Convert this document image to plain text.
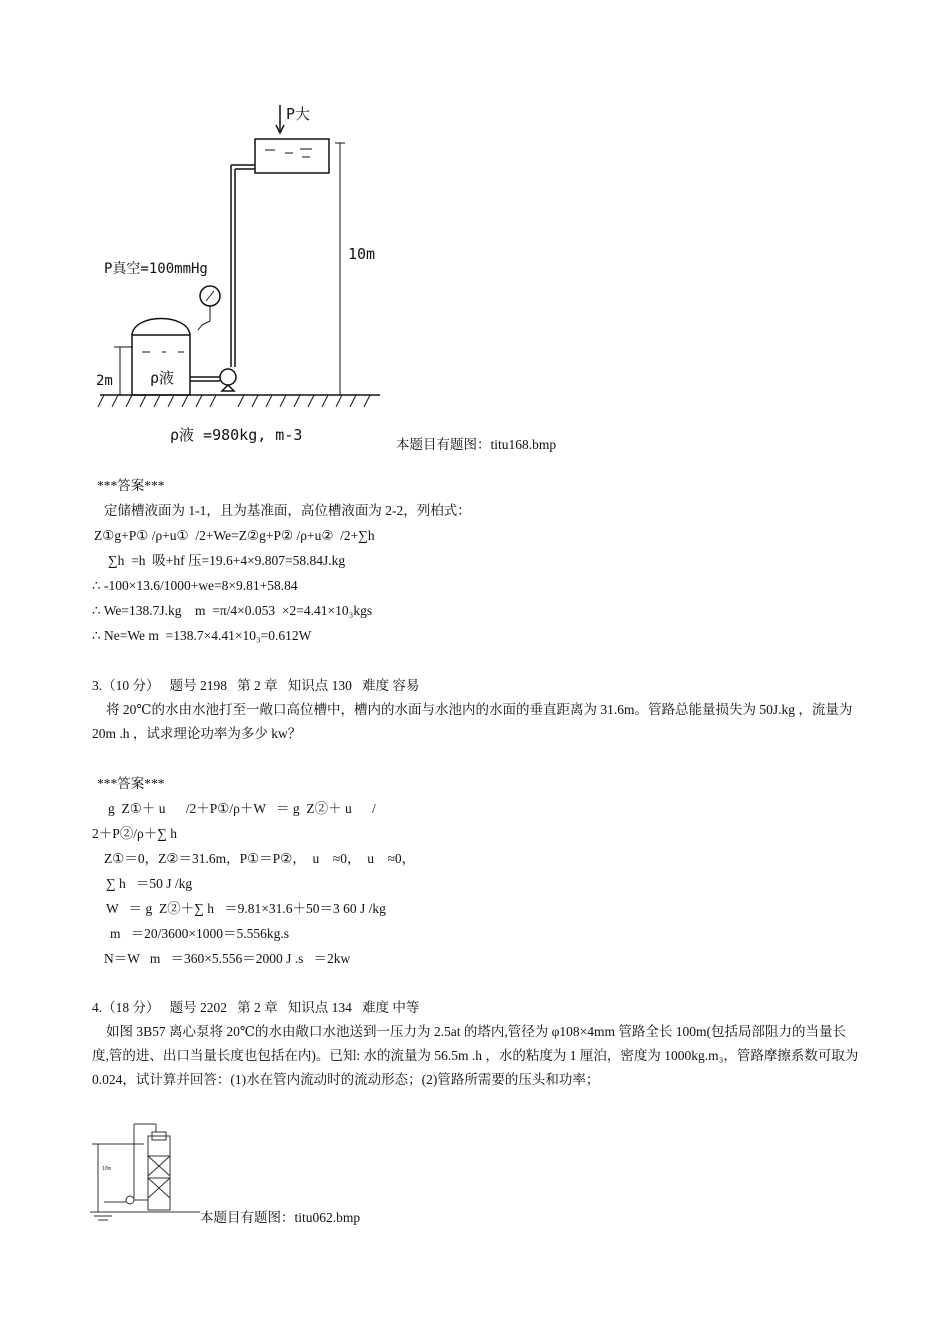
P大
10m
P真空=100mmHg
2m ρ液
ρ液 =980kg, m-3
本题目有题图：titu168.bmp
***答案***
定储槽液面为 1-1，且为基准面，高位槽液面为 2-2，列柏式：
Z①g+P① /ρ+u①  /2+We=Z②g+P② /ρ+u②  /2+∑h
∑h  =h  吸+hf 压=19.6+4×9.807=58.84J.kg
∴ -100×13.6/1000+we=8×9.81+58.84
∴ We=138.7J.kg    m  =π/4×0.053  ×2=4.41×10₃kgs
∴ Ne=We m  =138.7×4.41×10₃=0.612W
3.（10 分）   题号 2198   第 2 章   知识点 130   难度 容易
将 20℃的水由水池打至一敞口高位槽中，槽内的水面与水池内的水面的垂直距离为 31.6m。管路总能量损失为 50J.kg ，流量为 20m .h ，试求理论功率为多少 kw？
***答案***
g  Z①＋ u      /2＋P①/ρ＋W   ＝ g  Z②＋ u      /
2＋P②/ρ＋∑ h
Z①＝0，Z②＝31.6m，P①＝P②，  u    ≈0，  u    ≈0，
∑ h   ＝50 J /kg
W   ＝ g  Z②＋∑ h   ＝9.81×31.6＋50＝3 60 J /kg
m   ＝20/3600×1000＝5.556kg.s
N＝W   m   ＝360×5.556＝2000 J .s   ＝2kw
4.（18 分）   题号 2202   第 2 章   知识点 134   难度 中等
如图 3B57 离心泵将 20℃的水由敞口水池送到一压力为 2.5at 的塔内,管径为 φ108×4mm 管路全长 100m(包括局部阻力的当量长度,管的进、出口当量长度也包括在内)。已知: 水的流量为 56.5m .h ，水的粘度为 1 厘泊，密度为 1000kg.m₃，管路摩擦系数可取为 0.024，试计算并回答：(1)水在管内流动时的流动形态；(2)管路所需要的压头和功率；
10m
本题目有题图：titu062.bmp
